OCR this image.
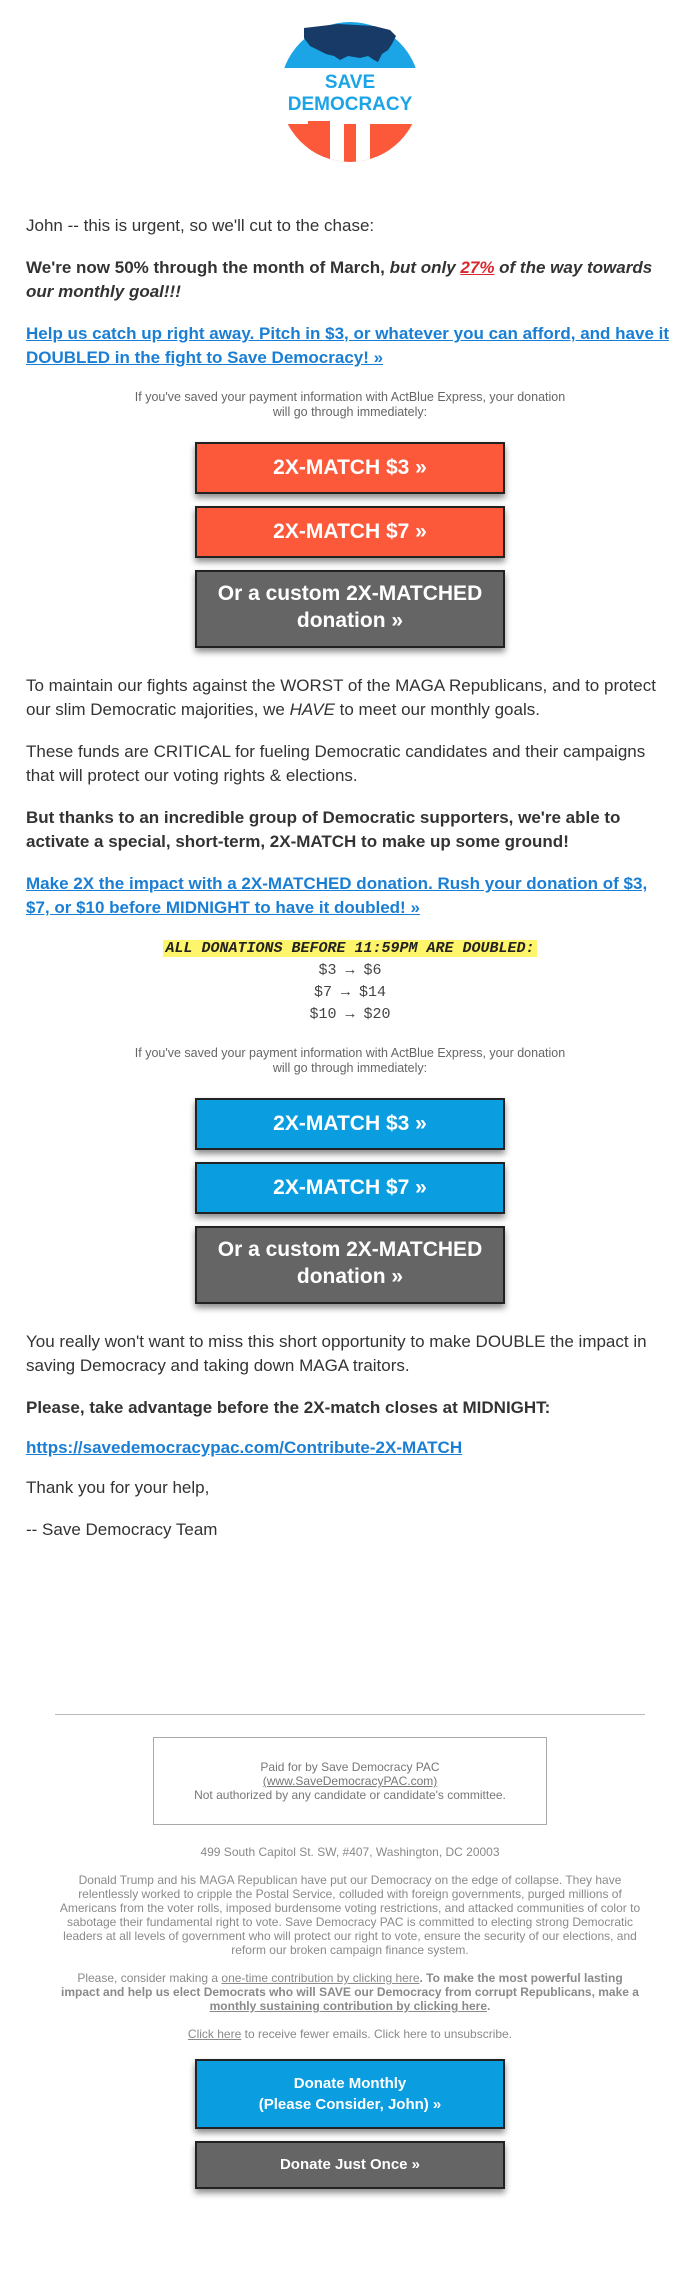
SAVE
DEMOCRACY

John -- this is urgent, so we'll cut to the chase:

We're now 50% through the month of March, but only 27% of the way towards our monthly goal!!!

Help us catch up right away. Pitch in $3, or whatever you can afford, and have it DOUBLED in the fight to Save Democracy! »

If you've saved your payment information with ActBlue Express, your donation

will go through immediately:

2X-MATCH $3 »
2X-MATCH $7 »
Or a custom 2X-MATCHED
donation »

To maintain our fights against the WORST of the MAGA Republicans, and to protect our slim Democratic majorities, we HAVE to meet our monthly goals.

These funds are CRITICAL for fueling Democratic candidates and their campaigns that will protect our voting rights & elections.

But thanks to an incredible group of Democratic supporters, we're able to activate a special, short-term, 2X-MATCH to make up some ground!

Make 2X the impact with a 2X-MATCHED donation. Rush your donation of $3, $7, or $10 before MIDNIGHT to have it doubled! »

ALL DONATIONS BEFORE 11:59PM ARE DOUBLED:
$3 → $6
$7 → $14
$10 → $20

If you've saved your payment information with ActBlue Express, your donation

will go through immediately:

2X-MATCH $3 »
2X-MATCH $7 »
Or a custom 2X-MATCHED
donation »

You really won't want to miss this short opportunity to make DOUBLE the impact in saving Democracy and taking down MAGA traitors.

Please, take advantage before the 2X-match closes at MIDNIGHT:

https://savedemocracypac.com/Contribute-2X-MATCH

Thank you for your help,

-- Save Democracy Team

Paid for by Save Democracy PAC
(www.SaveDemocracyPAC.com)
Not authorized by any candidate or candidate's committee.

499 South Capitol St. SW, #407, Washington, DC 20003

Donald Trump and his MAGA Republican have put our Democracy on the edge of collapse. They have relentlessly worked to cripple the Postal Service, colluded with foreign governments, purged millions of Americans from the voter rolls, imposed burdensome voting restrictions, and attacked communities of color to sabotage their fundamental right to vote. Save Democracy PAC is committed to electing strong Democratic leaders at all levels of government who will protect our right to vote, ensure the security of our elections, and reform our broken campaign finance system.

Please, consider making a one-time contribution by clicking here. To make the most powerful lasting impact and help us elect Democrats who will SAVE our Democracy from corrupt Republicans, make a monthly sustaining contribution by clicking here.

Click here to receive fewer emails. Click here to unsubscribe.

Donate Monthly
(Please Consider, John) »
Donate Just Once »
